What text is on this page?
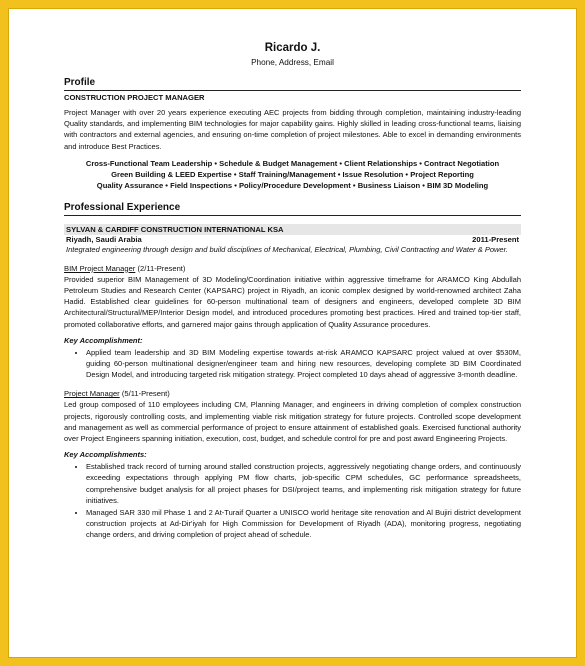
Ricardo J.
Phone, Address, Email
Profile
CONSTRUCTION PROJECT MANAGER

Project Manager with over 20 years experience executing AEC projects from bidding through completion, maintaining industry-leading Quality standards, and implementing BIM technologies for major capability gains. Highly skilled in leading cross-functional teams, liaising with contractors and external agencies, and ensuring on-time completion of project milestones. Able to excel in demanding environments and introduce Best Practices.

Cross-Functional Team Leadership • Schedule & Budget Management • Client Relationships • Contract Negotiation
Green Building & LEED Expertise • Staff Training/Management • Issue Resolution • Project Reporting
Quality Assurance • Field Inspections • Policy/Procedure Development • Business Liaison • BIM 3D Modeling
Professional Experience
SYLVAN & CARDIFF CONSTRUCTION INTERNATIONAL KSA
Riyadh, Saudi Arabia	2011-Present
Integrated engineering through design and build disciplines of Mechanical, Electrical, Plumbing, Civil Contracting and Water & Power.
BIM Project Manager (2/11-Present)

Provided superior BIM Management of 3D Modeling/Coordination initiative within aggressive timeframe for ARAMCO King Abdullah Petroleum Studies and Research Center (KAPSARC) project in Riyadh, an iconic complex designed by world-renowned architect Zaha Hadid. Established clear guidelines for 60-person multinational team of designers and engineers, developed complete 3D BIM Architectural/Structural/MEP/Interior Design model, and introduced procedures promoting best practices. Hired and trained top-tier staff, promoted collaborative efforts, and garnered major gains through application of Quality Assurance procedures.

Key Accomplishment:
• Applied team leadership and 3D BIM Modeling expertise towards at-risk ARAMCO KAPSARC project valued at over $530M, guiding 60-person multinational designer/engineer team and hiring new resources, developing complete 3D BIM Coordinated Design Model, and introducing targeted risk mitigation strategy. Project completed 10 days ahead of aggressive 3-month deadline.
Project Manager (5/11-Present)

Led group composed of 110 employees including CM, Planning Manager, and engineers in driving completion of complex construction projects, rigorously controlling costs, and implementing viable risk mitigation strategy for future projects. Controlled scope development and management as well as commercial performance of project to ensure attainment of established goals. Exercised functional authority over Project Engineers spanning initiation, execution, cost, budget, and schedule control for pre and post award Engineering Projects.

Key Accomplishments:
• Established track record of turning around stalled construction projects, aggressively negotiating change orders, and continuously exceeding expectations through applying PM flow charts, job-specific CPM schedules, GC performance spreadsheets, comprehensive budget analysis for all project phases for DSI/project teams, and implementing risk mitigation strategy for future initiatives.
• Managed SAR 330 mil Phase 1 and 2 At-Turaif Quarter a UNISCO world heritage site renovation and Al Bujiri district development construction projects at Ad-Dir'iyah for High Commission for Development of Riyadh (ADA), monitoring progress, negotiating change orders, and driving completion of project ahead of schedule.
